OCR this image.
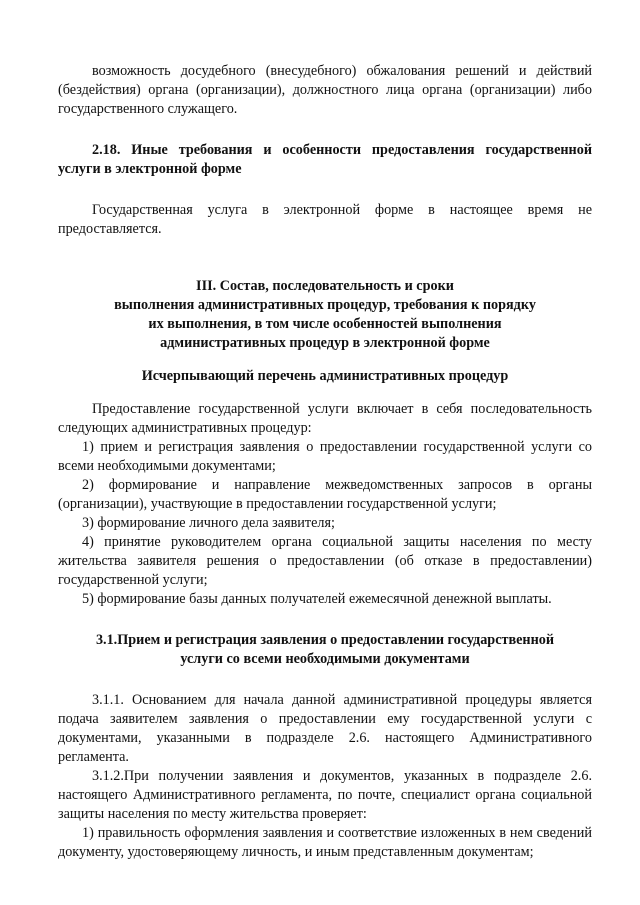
возможность досудебного (внесудебного) обжалования решений и действий (бездействия) органа (организации), должностного лица органа (организации) либо государственного служащего.

2.18. Иные требования и особенности предоставления государственной услуги в электронной форме

Государственная услуга в электронной форме в настоящее время не предоставляется.

III. Состав, последовательность и сроки
выполнения административных процедур, требования к порядку
их выполнения, в том числе особенностей выполнения
административных процедур в электронной форме

Исчерпывающий перечень административных процедур

Предоставление государственной услуги включает в себя последовательность следующих административных процедур:

1) прием и регистрация заявления о предоставлении государственной услуги со всеми необходимыми документами;

2) формирование и направление межведомственных запросов в органы (организации), участвующие в предоставлении государственной услуги;

3) формирование личного дела заявителя;

4) принятие руководителем органа социальной защиты населения по месту жительства заявителя решения о предоставлении (об отказе в предоставлении) государственной услуги;

5) формирование базы данных получателей ежемесячной денежной выплаты.

3.1.Прием и регистрация заявления о предоставлении государственной
услуги со всеми необходимыми документами

3.1.1. Основанием для начала данной административной процедуры является подача заявителем заявления о предоставлении ему государственной услуги с документами, указанными в подразделе 2.6. настоящего Административного регламента.

3.1.2.При получении заявления и документов, указанных в подразделе 2.6. настоящего Административного регламента, по почте, специалист органа социальной защиты населения по месту жительства проверяет:

1) правильность оформления заявления и соответствие изложенных в нем сведений документу, удостоверяющему личность, и иным представленным документам;
